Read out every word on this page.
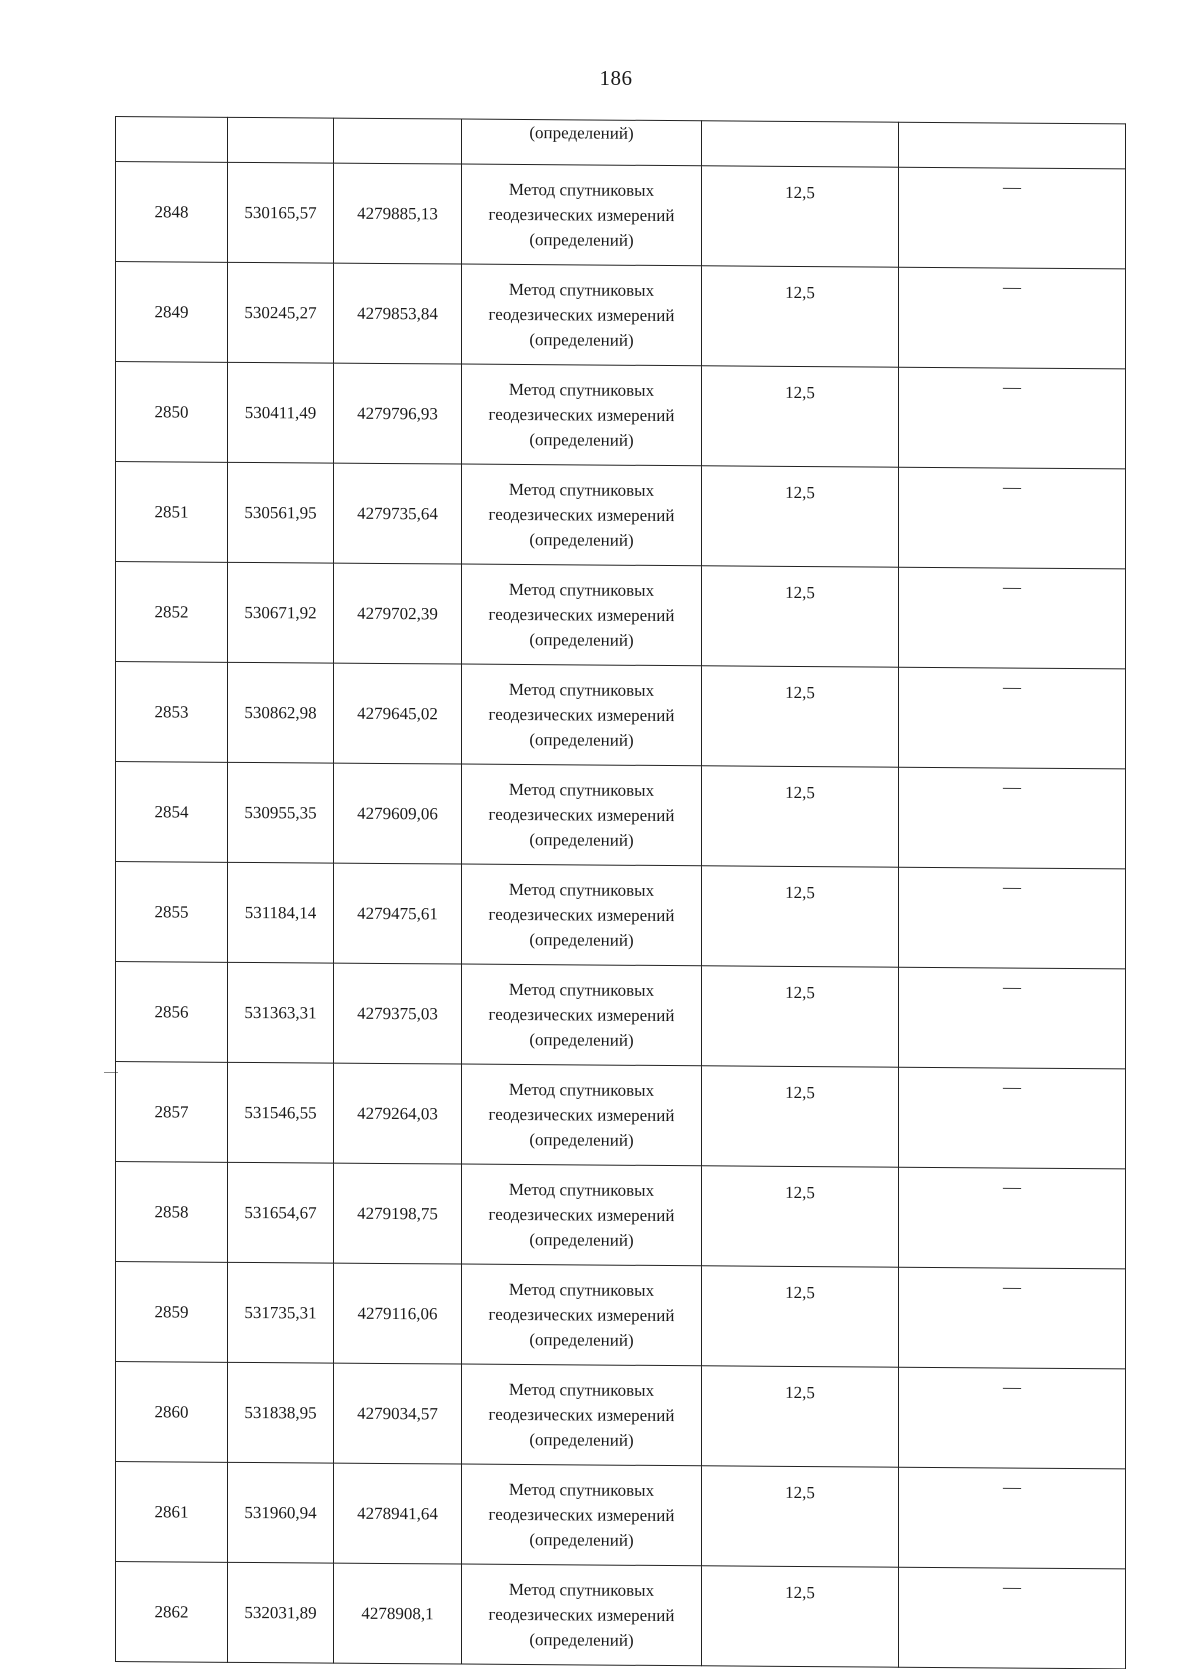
186
			(определений)		
2848	530165,57	4279885,13	Метод спутниковых
геодезических измерений
(определений)	12,5	—
2849	530245,27	4279853,84	Метод спутниковых
геодезических измерений
(определений)	12,5	—
2850	530411,49	4279796,93	Метод спутниковых
геодезических измерений
(определений)	12,5	—
2851	530561,95	4279735,64	Метод спутниковых
геодезических измерений
(определений)	12,5	—
2852	530671,92	4279702,39	Метод спутниковых
геодезических измерений
(определений)	12,5	—
2853	530862,98	4279645,02	Метод спутниковых
геодезических измерений
(определений)	12,5	—
2854	530955,35	4279609,06	Метод спутниковых
геодезических измерений
(определений)	12,5	—
2855	531184,14	4279475,61	Метод спутниковых
геодезических измерений
(определений)	12,5	—
2856	531363,31	4279375,03	Метод спутниковых
геодезических измерений
(определений)	12,5	—
2857	531546,55	4279264,03	Метод спутниковых
геодезических измерений
(определений)	12,5	—
2858	531654,67	4279198,75	Метод спутниковых
геодезических измерений
(определений)	12,5	—
2859	531735,31	4279116,06	Метод спутниковых
геодезических измерений
(определений)	12,5	—
2860	531838,95	4279034,57	Метод спутниковых
геодезических измерений
(определений)	12,5	—
2861	531960,94	4278941,64	Метод спутниковых
геодезических измерений
(определений)	12,5	—
2862	532031,89	4278908,1	Метод спутниковых
геодезических измерений
(определений)	12,5	—
